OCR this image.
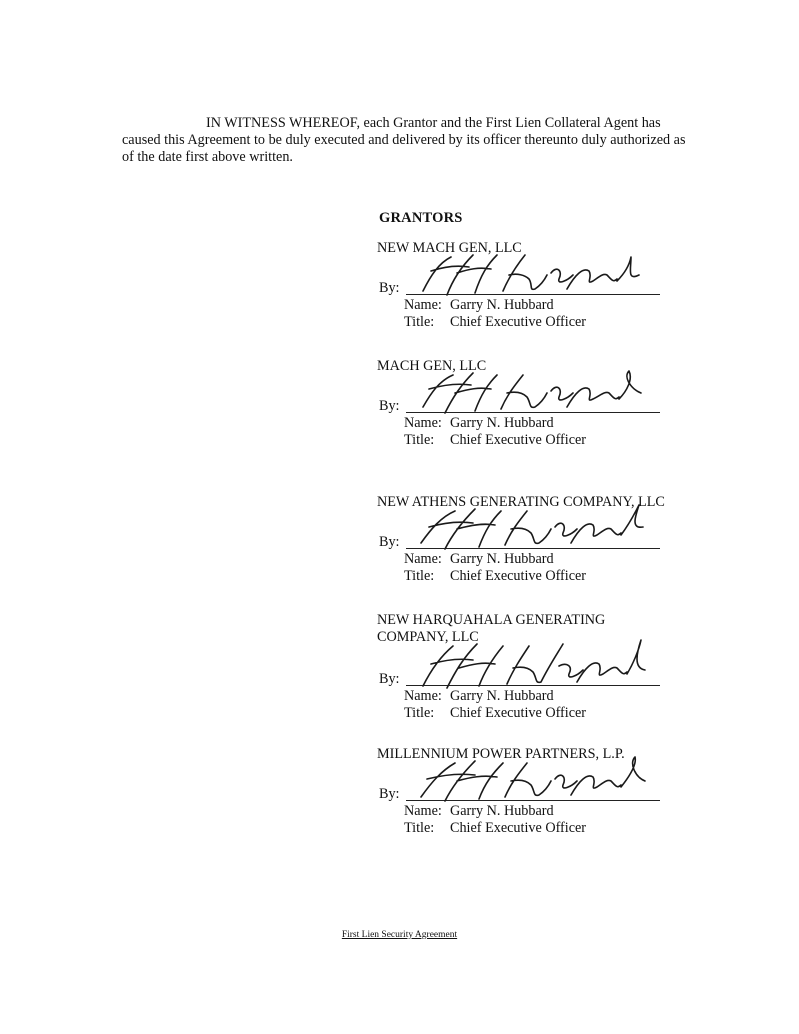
IN WITNESS WHEREOF, each Grantor and the First Lien Collateral Agent has caused this Agreement to be duly executed and delivered by its officer thereunto duly authorized as of the date first above written.

GRANTORS

NEW MACH GEN, LLC

By:
Name: Garry N. Hubbard
Title:	Chief Executive Officer

MACH GEN, LLC

By:
Name: Garry N. Hubbard
Title:	Chief Executive Officer

NEW ATHENS GENERATING COMPANY, LLC

By:
Name: Garry N. Hubbard
Title:	Chief Executive Officer

NEW HARQUAHALA GENERATING

COMPANY, LLC

By:
Name: Garry N. Hubbard
Title:	Chief Executive Officer

MILLENNIUM POWER PARTNERS, L.P.

By:
Name: Garry N. Hubbard
Title:	Chief Executive Officer
First Lien Security Agreement
